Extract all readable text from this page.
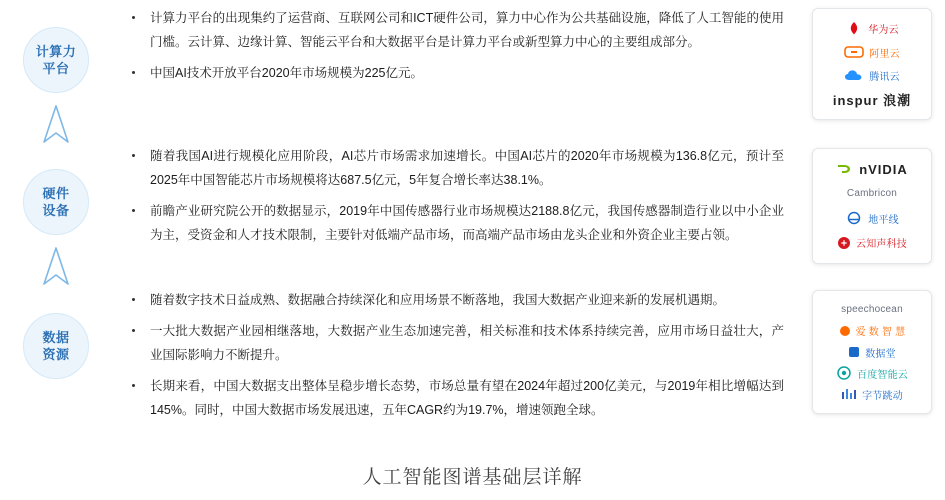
计算力
平台
硬件
设备
数据
资源
计算力平台的出现集约了运营商、互联网公司和ICT硬件公司，算力中心作为公共基础设施，降低了人工智能的使用门槛。云计算、边缘计算、智能云平台和大数据平台是计算力平台或新型算力中心的主要组成部分。
中国AI技术开放平台2020年市场规模为225亿元。
随着我国AI进行规模化应用阶段，AI芯片市场需求加速增长。中国AI芯片的2020年市场规模为136.8亿元，预计至2025年中国智能芯片市场规模将达687.5亿元，5年复合增长率达38.1%。
前瞻产业研究院公开的数据显示，2019年中国传感器行业市场规模达2188.8亿元，我国传感器制造行业以中小企业为主，受资金和人才技术限制，主要针对低端产品市场，而高端产品市场由龙头企业和外资企业主要占领。
随着数字技术日益成熟、数据融合持续深化和应用场景不断落地，我国大数据产业迎来新的发展机遇期。
一大批大数据产业园相继落地，大数据产业生态加速完善，相关标准和技术体系持续完善，应用市场日益壮大，产业国际影响力不断提升。
长期来看，中国大数据支出整体呈稳步增长态势，市场总量有望在2024年超过200亿美元，与2019年相比增幅达到145%。同时，中国大数据市场发展迅速，五年CAGR约为19.7%，增速领跑全球。
华为云
阿里云
腾讯云
inspur 浪潮
nVIDIA
Cambricon
地平线
云知声科技
speechocean
爱 数 智 慧
数据堂
百度智能云
字节跳动
人工智能图谱基础层详解
